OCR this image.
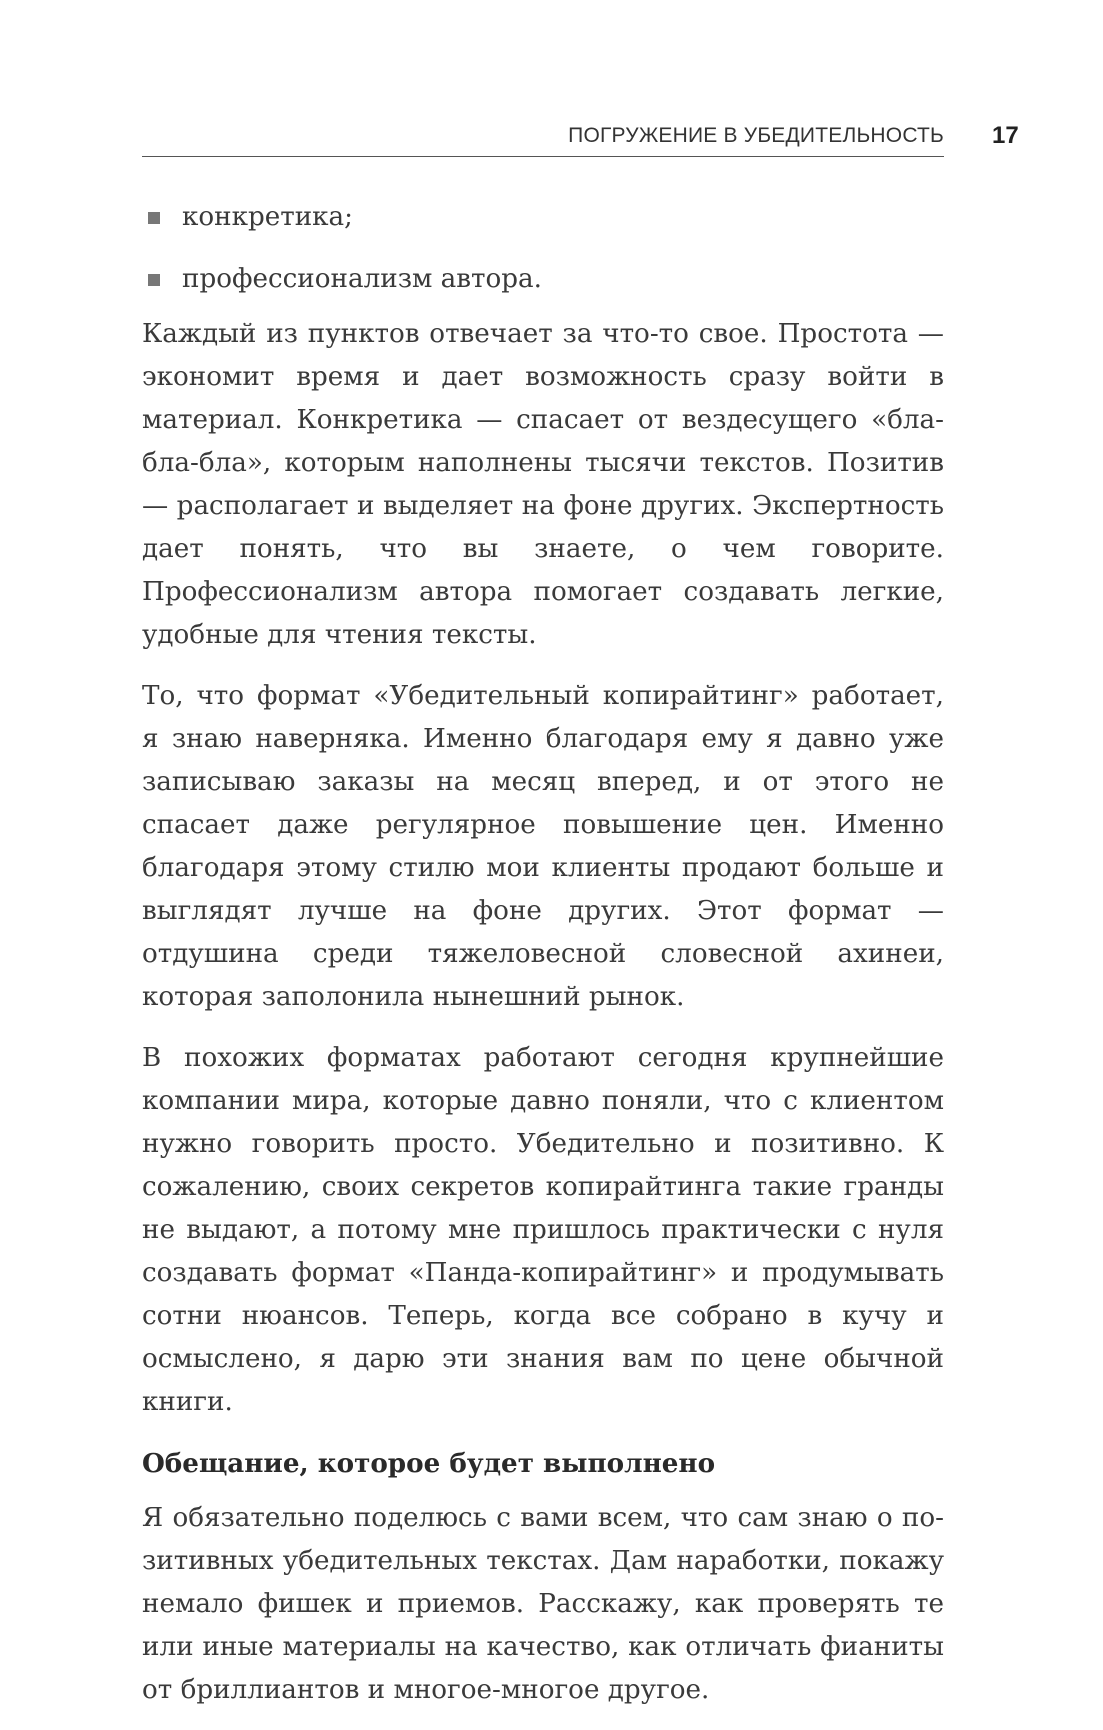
ПОГРУЖЕНИЕ В УБЕДИТЕЛЬНОСТЬ 17
конкретика;
профессионализм автора.

Каждый из пунктов отвечает за что-то свое. Простота — экономит время и дает возможность сразу войти в материал. Конкретика — спасает от вездесущего «бла-бла-бла», которым наполнены тысячи текстов. Позитив — располагает и выделяет на фоне других. Экспертность дает понять, что вы знаете, о чем говорите. Профессионализм автора помогает создавать легкие, удобные для чтения тексты.

То, что формат «Убедительный копирайтинг» работает, я знаю наверняка. Именно благодаря ему я давно уже записываю заказы на месяц вперед, и от этого не спасает даже регулярное повышение цен. Именно благодаря этому стилю мои клиенты продают больше и выглядят лучше на фоне других. Этот формат — отдушина среди тяжеловесной словесной ахинеи, которая заполонила нынешний рынок.

В похожих форматах работают сегодня крупнейшие компании мира, которые давно поняли, что с клиентом нужно говорить просто. Убедительно и позитивно. К сожалению, своих секретов копирайтинга такие гранды не выдают, а потому мне пришлось практически с нуля создавать формат «Панда-копирайтинг» и продумывать сотни нюансов. Теперь, когда все собрано в кучу и осмыслено, я дарю эти знания вам по цене обычной книги.

Обещание, которое будет выполнено

Я обязательно поделюсь с вами всем, что сам знаю о позитивных убедительных текстах. Дам наработки, покажу немало фишек и приемов. Расскажу, как проверять те или иные материалы на качество, как отличать фианиты от бриллиантов и многое-многое другое.
